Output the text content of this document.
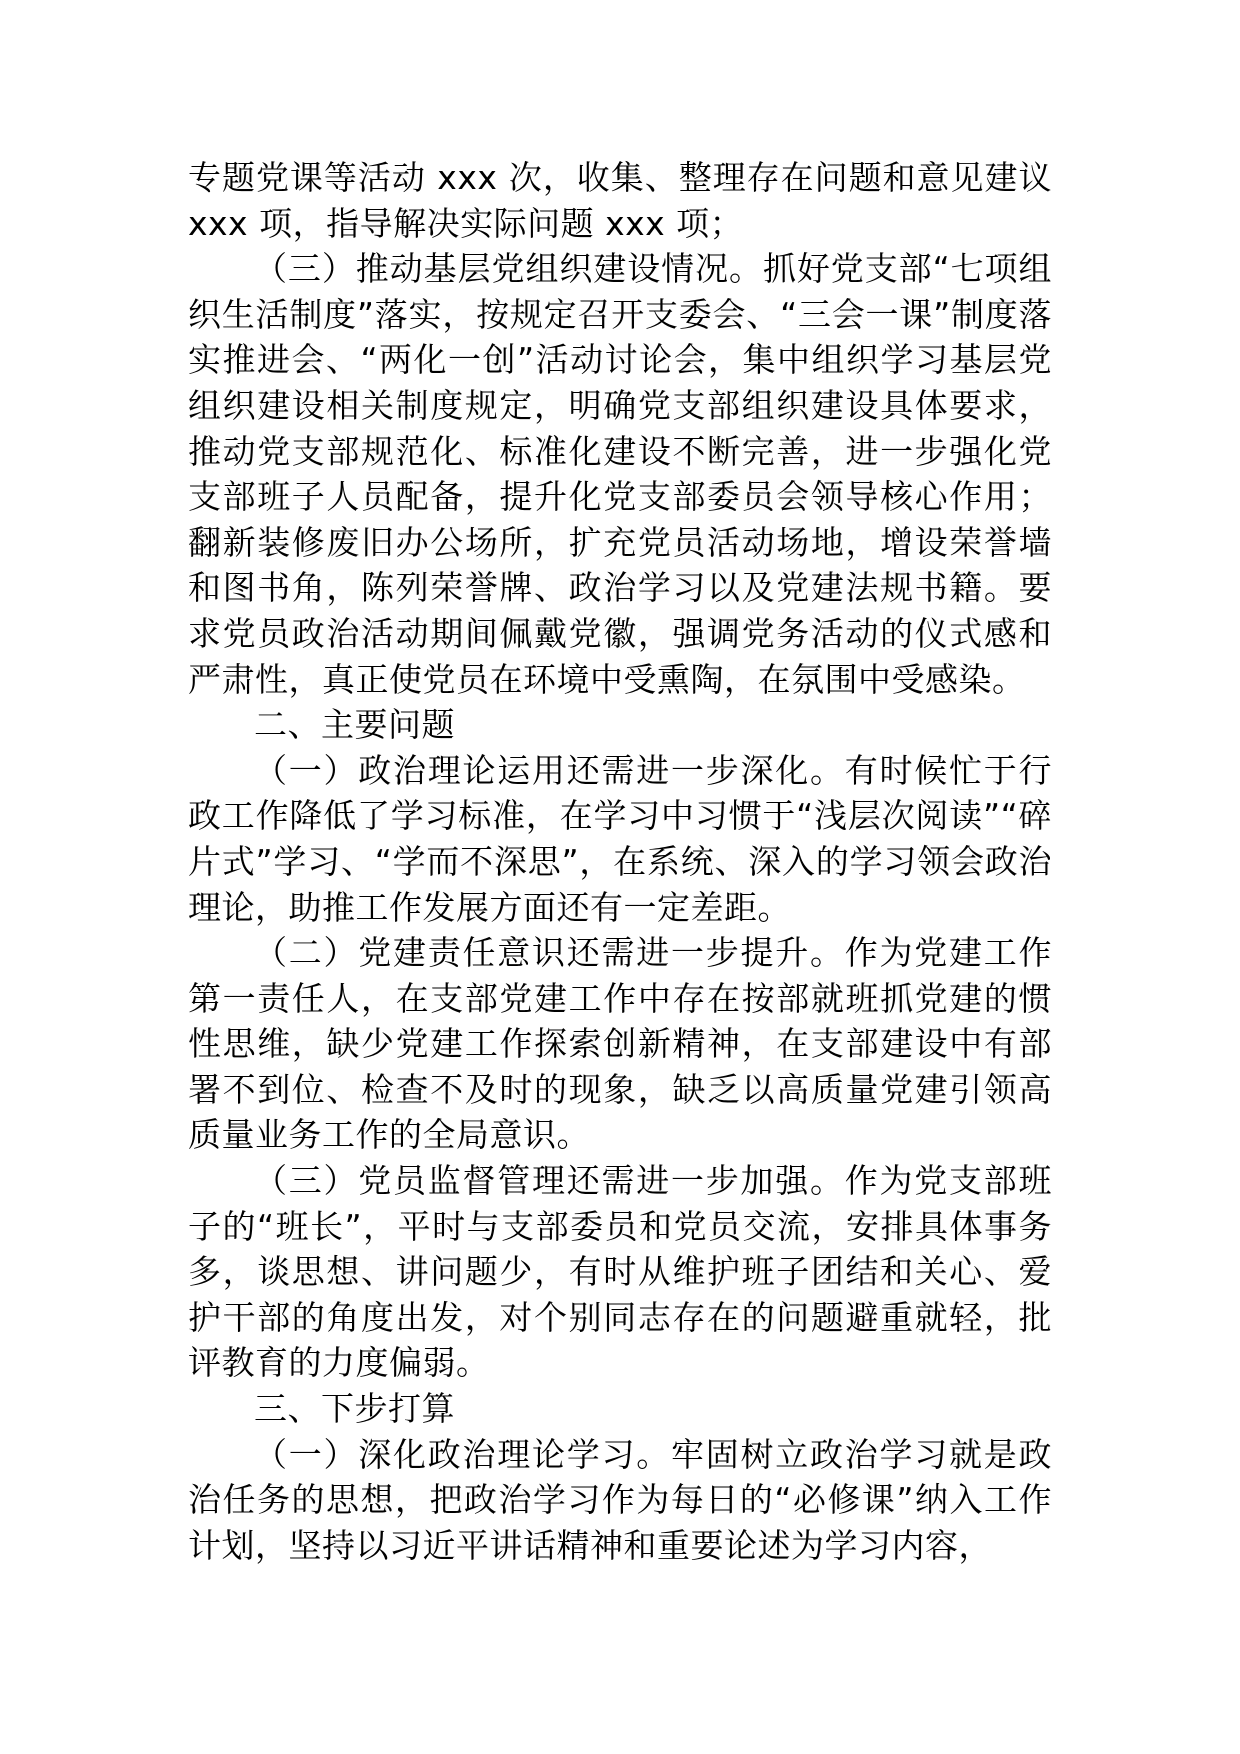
专题党课等活动 xxx 次，收集、整理存在问题和意见建议 xxx 项，指导解决实际问题 xxx 项；

（三）推动基层党组织建设情况。抓好党支部“七项组织生活制度”落实，按规定召开支委会、“三会一课”制度落实推进会、“两化一创”活动讨论会，集中组织学习基层党组织建设相关制度规定，明确党支部组织建设具体要求，推动党支部规范化、标准化建设不断完善，进一步强化党支部班子人员配备，提升化党支部委员会领导核心作用；翻新装修废旧办公场所，扩充党员活动场地，增设荣誉墙和图书角，陈列荣誉牌、政治学习以及党建法规书籍。要求党员政治活动期间佩戴党徽，强调党务活动的仪式感和严肃性，真正使党员在环境中受熏陶，在氛围中受感染。

二、主要问题

（一）政治理论运用还需进一步深化。有时候忙于行政工作降低了学习标准，在学习中习惯于“浅层次阅读”“碎片式”学习、“学而不深思”，在系统、深入的学习领会政治理论，助推工作发展方面还有一定差距。

（二）党建责任意识还需进一步提升。作为党建工作第一责任人，在支部党建工作中存在按部就班抓党建的惯性思维，缺少党建工作探索创新精神，在支部建设中有部署不到位、检查不及时的现象，缺乏以高质量党建引领高质量业务工作的全局意识。

（三）党员监督管理还需进一步加强。作为党支部班子的“班长”，平时与支部委员和党员交流，安排具体事务多，谈思想、讲问题少，有时从维护班子团结和关心、爱护干部的角度出发，对个别同志存在的问题避重就轻，批评教育的力度偏弱。

三、下步打算

（一）深化政治理论学习。牢固树立政治学习就是政治任务的思想，把政治学习作为每日的“必修课”纳入工作计划，坚持以习近平讲话精神和重要论述为学习内容，
